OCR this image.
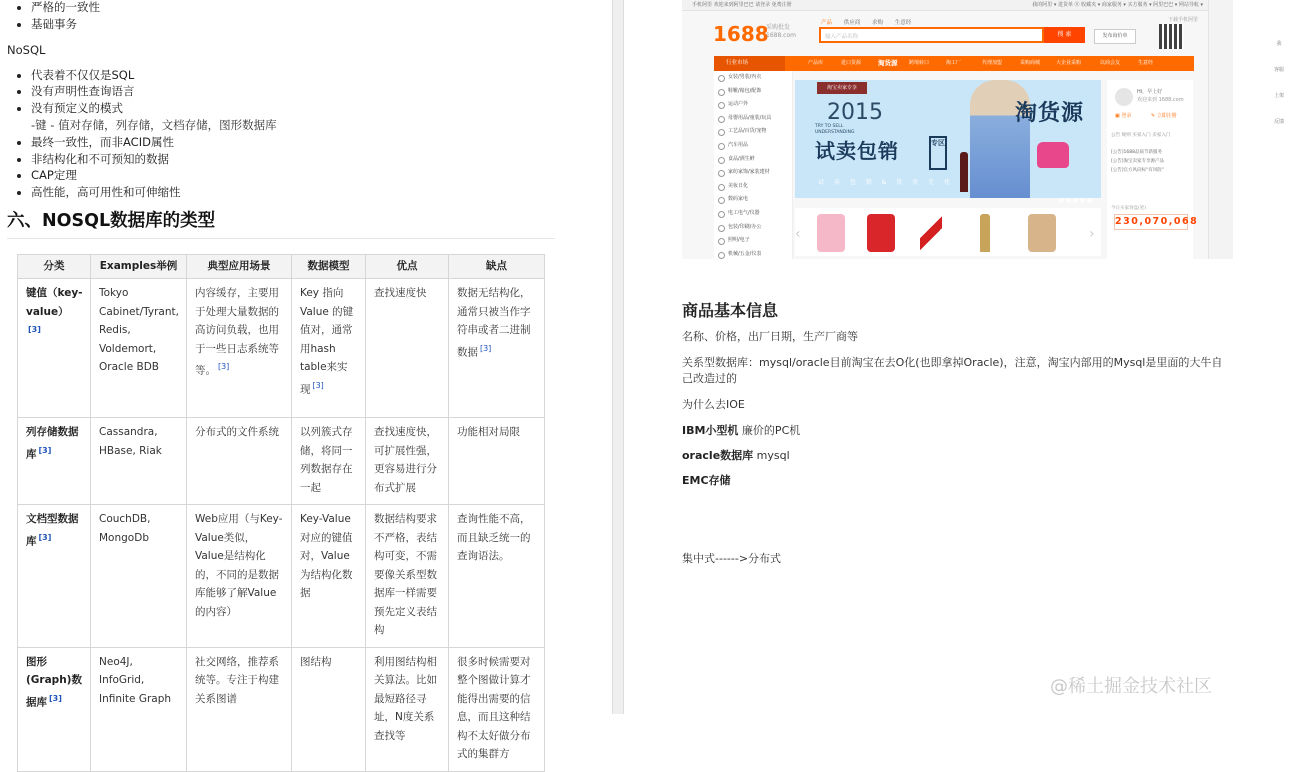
• 严格的一致性
• 基础事务
NoSQL
• 代表着不仅仅是SQL
• 没有声明性查询语言
• 没有预定义的模式
-键 - 值对存储，列存储，文档存储，图形数据库
• 最终一致性，而非ACID属性
• 非结构化和不可预知的数据
• CAP定理
• 高性能，高可用性和可伸缩性
六、NOSQL数据库的类型
分类	Examples举例	典型应用场景	数据模型	优点	缺点
键值（key-value）[3]	Tokyo Cabinet/Tyrant, Redis, Voldemort, Oracle BDB	内容缓存，主要用于处理大量数据的高访问负载，也用于一些日志系统等等。 [3]	Key 指向 Value 的键值对，通常用hash table来实现 [3]	查找速度快	数据无结构化，通常只被当作字符串或者二进制数据 [3]
列存储数据库 [3]	Cassandra, HBase, Riak	分布式的文件系统	以列簇式存储，将同一列数据存在一起	查找速度快，可扩展性强，更容易进行分布式扩展	功能相对局限
文档型数据库 [3]	CouchDB, MongoDb	Web应用（与Key-Value类似，Value是结构化的，不同的是数据库能够了解Value的内容）	Key-Value对应的键值对，Value为结构化数据	数据结构要求不严格，表结构可变，不需要像关系型数据库一样需要预先定义表结构	查询性能不高，而且缺乏统一的查询语法。
图形(Graph)数据库 [3]	Neo4J, InfoGrid, Infinite Graph	社交网络，推荐系统等。专注于构建关系图谱	图结构	利用图结构相关算法。比如最短路径寻址，N度关系查找等	很多时候需要对整个图做计算才能得出需要的信息，而且这种结构不太好做分布式的集群方
手机阿里 欢迎来到阿里巴巴 请登录 免费注册	我的阿里 ▾ 进货单 ⓪ 收藏夹 ▾ 商家服务 ▾ 买方服务 ▾ 阿里巴巴 ▾ 网站导航 ▾
1688
采购批发
1688.com
产品 供应商 求购 生意经
输入产品名称	搜 索	发布询价单
下载手机阿里
行业市场	产品库	进口货源	淘货源 跨境转口	淘工厂	代理加盟	采购商城	大企业采购	以商会友	生意经
女装/男装/内衣
鞋靴/箱包/配饰
运动户外
母婴用品/童装/玩具
工艺品/百货/宠物
汽车用品
食品/酒生鲜
家纺家饰/家装建材
美妆日化
数码家电
电工电气/仪器
包装/印刷/办公
照明/电子
机械/五金/仪表
淘宝卖家专享
2015
TRY TO SELL UNDERSTANDING
淘货源
试卖包销	专区
试 卖 包 销 & 货 丧 无 忧
‹	›
Hi，早上好
欢迎来到 1688.com
▣ 登录	✎ 立即注册
公告 规则 买家入门 卖家入门
[公告]1688品质节新服务
[公告]淘宝卖家专享源产品
[公告]官方风向标“有风险”
今日买家询盘(笔)
230,070,068
我
客服
上架
反馈
商品基本信息
名称、价格，出厂日期，生产厂商等
关系型数据库：mysql/oracle目前淘宝在去O化(也即拿掉Oracle)，注意，淘宝内部用的Mysql是里面的大牛自己改造过的
为什么去IOE
IBM小型机 廉价的PC机
oracle数据库 mysql
EMC存储
集中式------>分布式
@稀土掘金技术社区
